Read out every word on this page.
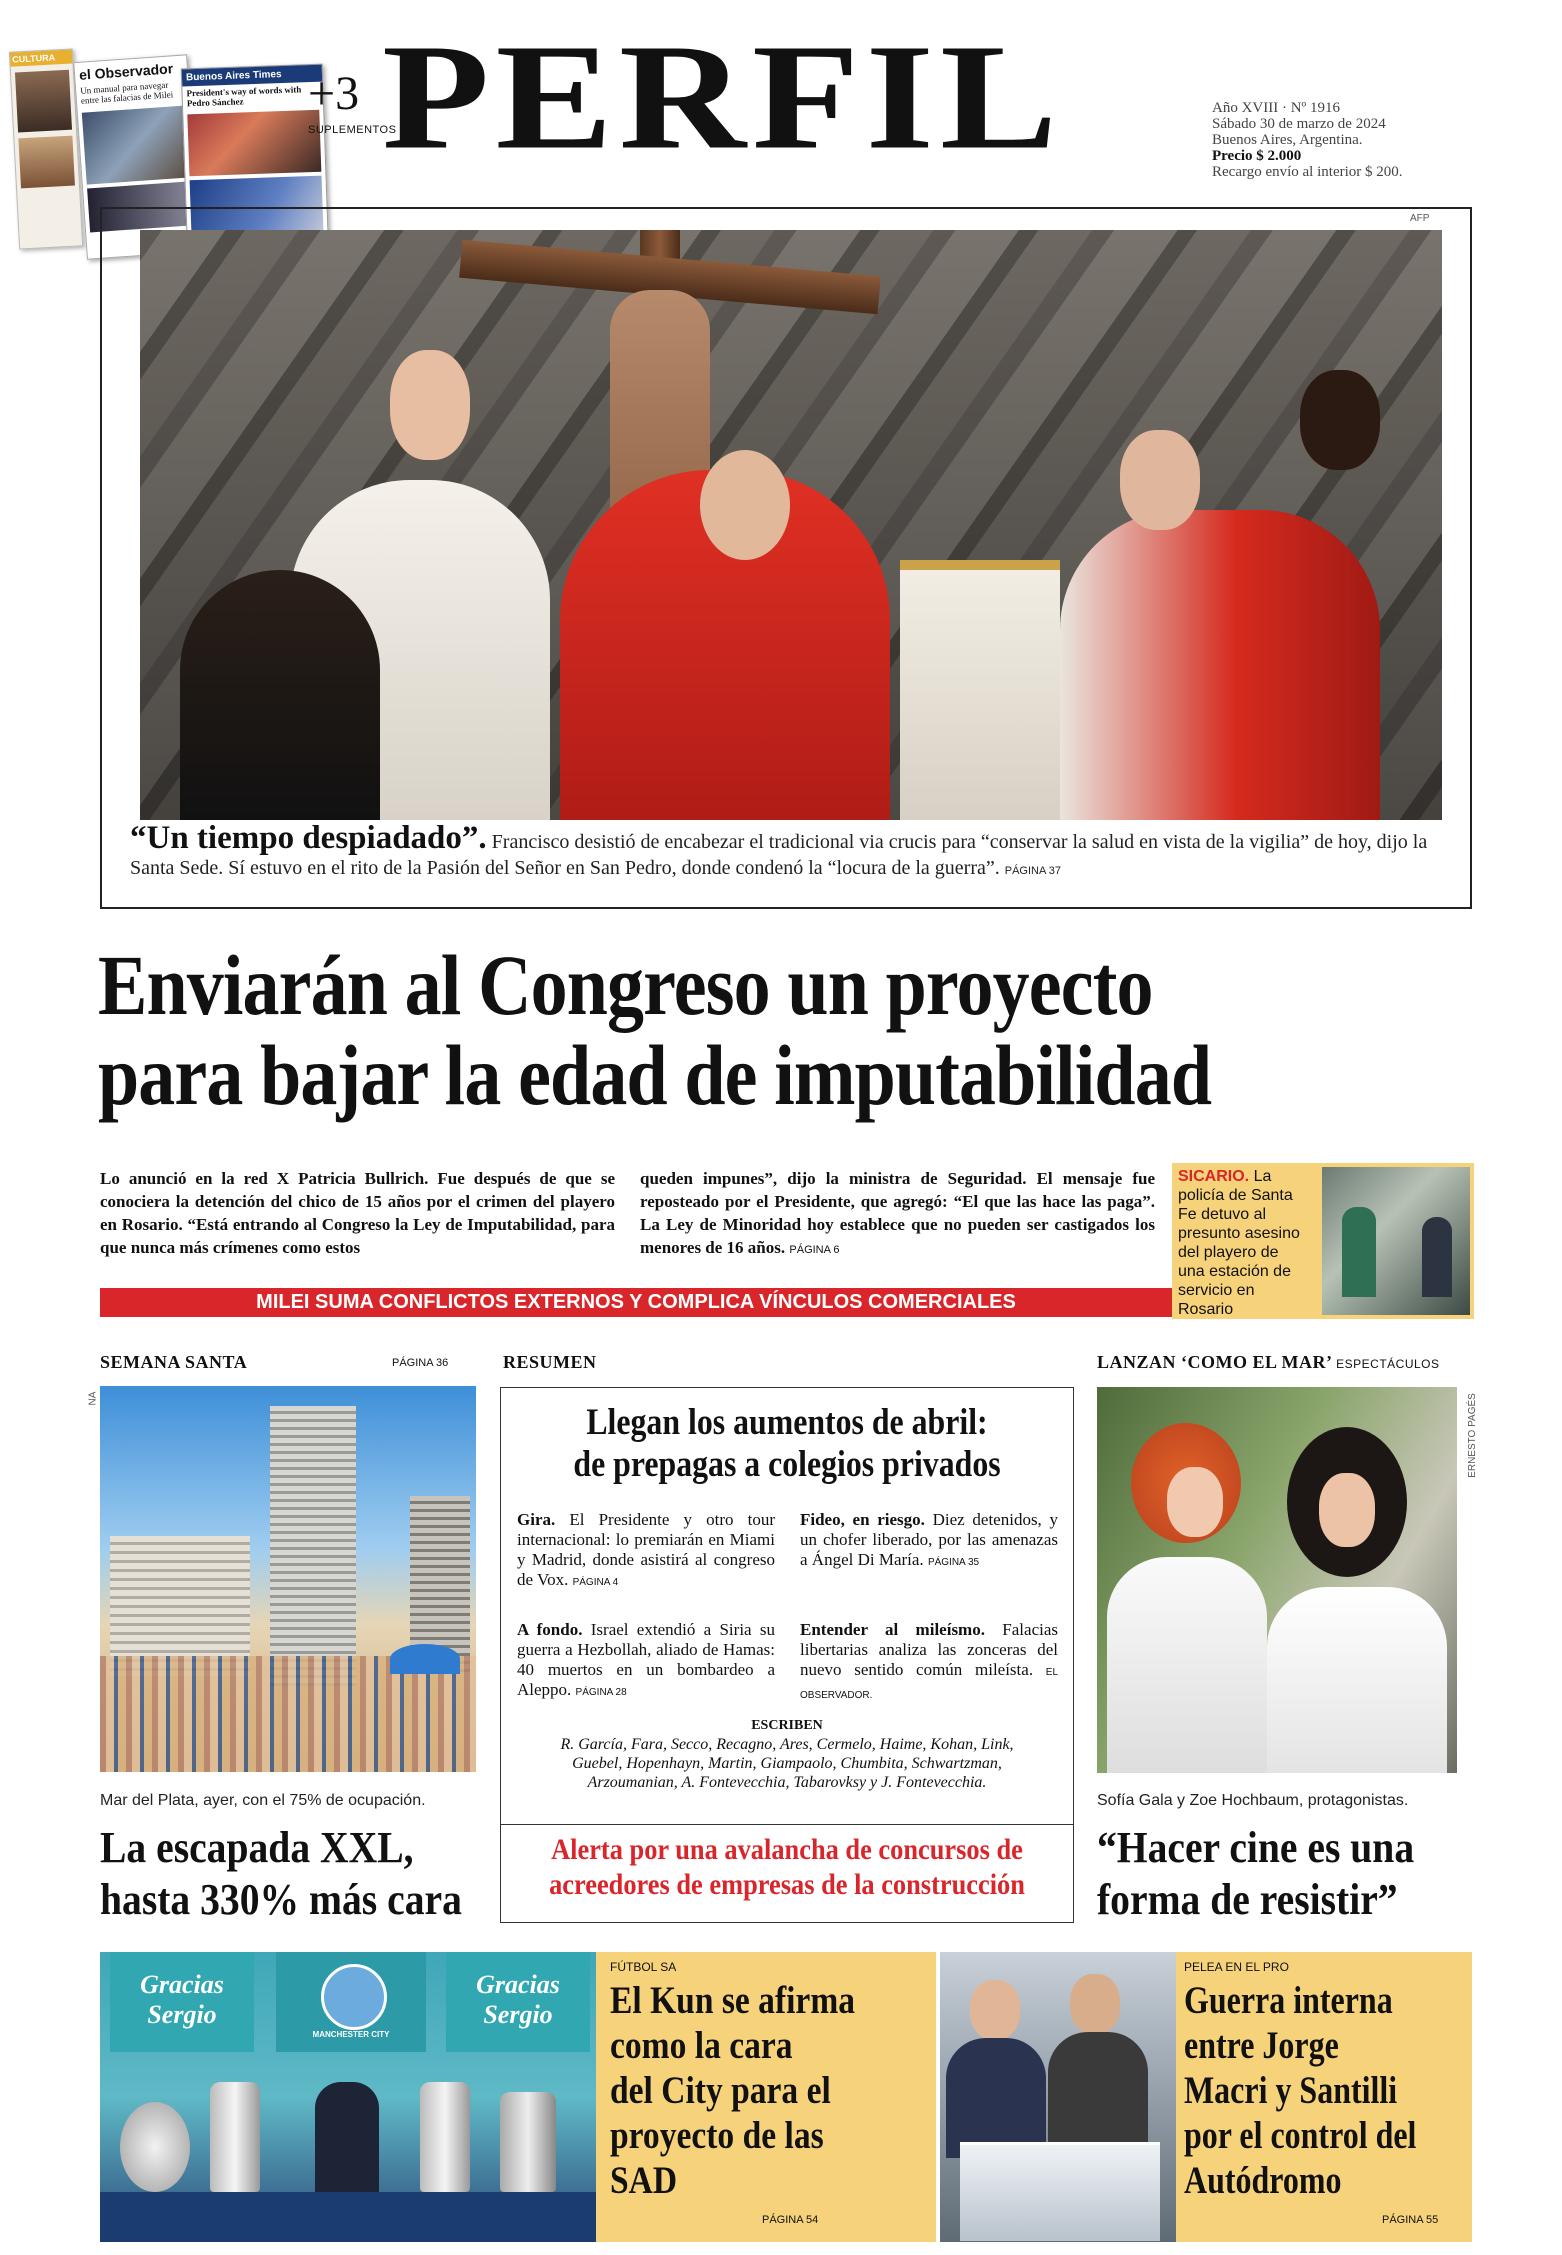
CULTURA
el Observador
Un manual para navegar entre las falacias de Milei
Buenos Aires Times
President's way of words with Pedro Sánchez	+3
SUPLEMENTOS
PERFIL	Año XVIII · Nº 1916
Sábado 30 de marzo de 2024
Buenos Aires, Argentina.
Precio $ 2.000
Recargo envío al interior $ 200.
AFP
“Un tiempo despiadado”. Francisco desistió de encabezar el tradicional via crucis para “conservar la salud en vista de la vigilia” de hoy, dijo la Santa Sede. Sí estuvo en el rito de la Pasión del Señor en San Pedro, donde condenó la “locura de la guerra”. PÁGINA 37
Enviarán al Congreso un proyecto
para bajar la edad de imputabilidad
Lo anunció en la red X Patricia Bullrich. Fue después de que se conociera la detención del chico de 15 años por el crimen del playero en Rosario. “Está entrando al Congreso la Ley de Imputabilidad, para que nunca más crímenes como estos
queden impunes”, dijo la ministra de Seguridad. El mensaje fue reposteado por el Presidente, que agregó: “El que las hace las paga”. La Ley de Minoridad hoy establece que no pueden ser castigados los menores de 16 años. PÁGINA 6
SICARIO. La policía de Santa Fe detuvo al presunto asesino del playero de una estación de servicio en Rosario
MILEI SUMA CONFLICTOS EXTERNOS Y COMPLICA VÍNCULOS COMERCIALES
SEMANA SANTA	PÁGINA 36
NA
Mar del Plata, ayer, con el 75% de ocupación.
La escapada XXL,
hasta 330% más cara
RESUMEN
Llegan los aumentos de abril:
de prepagas a colegios privados
Gira. El Presidente y otro tour internacional: lo premiarán en Miami y Madrid, donde asistirá al congreso de Vox. PÁGINA 4
Fideo, en riesgo. Diez detenidos, y un chofer liberado, por las amenazas a Ángel Di María. PÁGINA 35
A fondo. Israel extendió a Siria su guerra a Hezbollah, aliado de Hamas: 40 muertos en un bombardeo a Aleppo. PÁGINA 28
Entender al mileísmo. Falacias libertarias analiza las zonceras del nuevo sentido común mileísta. EL OBSERVADOR.
ESCRIBEN
R. García, Fara, Secco, Recagno, Ares, Cermelo, Haime, Kohan, Link, Guebel, Hopenhayn, Martin, Giampaolo, Chumbita, Schwartzman, Arzoumanian, A. Fontevecchia, Tabarovksy y J. Fontevecchia.
Alerta por una avalancha de concursos de
acreedores de empresas de la construcción
LANZAN ‘COMO EL MAR’ ESPECTÁCULOS
ERNESTO PAGÉS
Sofía Gala y Zoe Hochbaum, protagonistas.
“Hacer cine es una
forma de resistir”
Gracias Sergio
MANCHESTER CITY
Gracias Sergio
FÚTBOL SA
El Kun se afirma
como la cara
del City para el
proyecto de las
SAD
PÁGINA 54
PELEA EN EL PRO
Guerra interna
entre Jorge
Macri y Santilli
por el control del
Autódromo
PÁGINA 55
